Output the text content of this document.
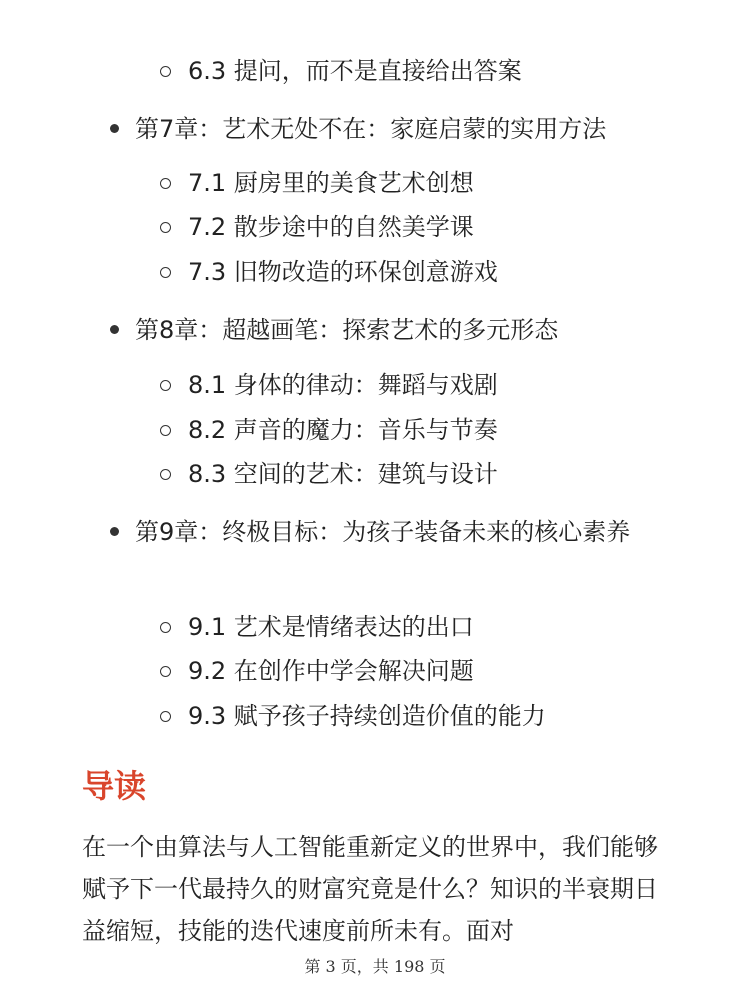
6.3 提问，而不是直接给出答案
第7章：艺术无处不在：家庭启蒙的实用方法
7.1 厨房里的美食艺术创想
7.2 散步途中的自然美学课
7.3 旧物改造的环保创意游戏
第8章：超越画笔：探索艺术的多元形态
8.1 身体的律动：舞蹈与戏剧
8.2 声音的魔力：音乐与节奏
8.3 空间的艺术：建筑与设计
第9章：终极目标：为孩子装备未来的核心素养
9.1 艺术是情绪表达的出口
9.2 在创作中学会解决问题
9.3 赋予孩子持续创造价值的能力
导读

在一个由算法与人工智能重新定义的世界中，我们能够赋予下一代最持久的财富究竟是什么？知识的半衰期日益缩短，技能的迭代速度前所未有。面对

第 3 页，共 198 页
